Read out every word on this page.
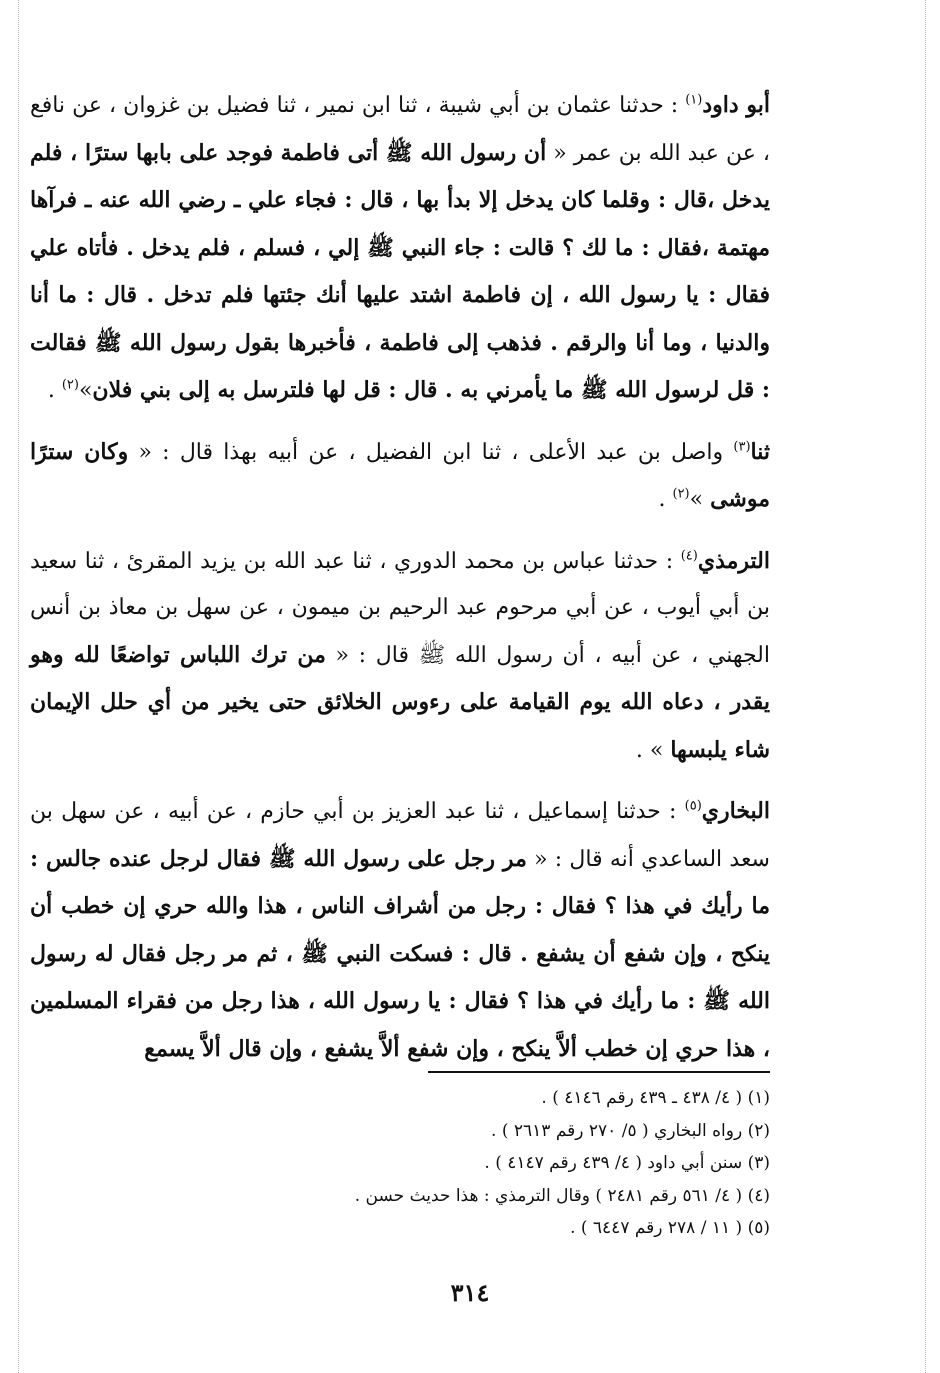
أبو داود$^{(١)}$ : حدثنا عثمان بن أبي شيبة ، ثنا ابن نمير ، ثنا فضيل بن غزوان ، عن نافع ، عن عبد الله بن عمر « أن رسول الله ﷺ أتى فاطمة فوجد على بابها سترًا ، فلم يدخل ،قال : وقلما كان يدخل إلا بدأ بها ، قال : فجاء علي ـ رضي الله عنه ـ فرآها مهتمة ،فقال : ما لك ؟ قالت : جاء النبي ﷺ إلي ، فسلم ، فلم يدخل . فأتاه علي فقال : يا رسول الله ، إن فاطمة اشتد عليها أنك جئتها فلم تدخل . قال : ما أنا والدنيا ، وما أنا والرقم . فذهب إلى فاطمة ، فأخبرها بقول رسول الله ﷺ فقالت : قل لرسول الله ﷺ ما يأمرني به . قال : قل لها فلترسل به إلى بني فلان»$^{(٢)}$ .

ثنا$^{(٣)}$ واصل بن عبد الأعلى ، ثنا ابن الفضيل ، عن أبيه بهذا قال : « وكان سترًا موشى »$^{(٢)}$ .

الترمذي$^{(٤)}$ : حدثنا عباس بن محمد الدوري ، ثنا عبد الله بن يزيد المقرئ ، ثنا سعيد بن أبي أيوب ، عن أبي مرحوم عبد الرحيم بن ميمون ، عن سهل بن معاذ بن أنس الجهني ، عن أبيه ، أن رسول الله ﷺ قال : « من ترك اللباس تواضعًا لله وهو يقدر ، دعاه الله يوم القيامة على رءوس الخلائق حتى يخير من أي حلل الإيمان شاء يلبسها » .

البخاري$^{(٥)}$ : حدثنا إسماعيل ، ثنا عبد العزيز بن أبي حازم ، عن أبيه ، عن سهل بن سعد الساعدي أنه قال : « مر رجل على رسول الله ﷺ فقال لرجل عنده جالس : ما رأيك في هذا ؟ فقال : رجل من أشراف الناس ، هذا والله حري إن خطب أن ينكح ، وإن شفع أن يشفع . قال : فسكت النبي ﷺ ، ثم مر رجل فقال له رسول الله ﷺ : ما رأيك في هذا ؟ فقال : يا رسول الله ، هذا رجل من فقراء المسلمين ، هذا حري إن خطب ألاَّ ينكح ، وإن شفع ألاَّ يشفع ، وإن قال ألاَّ يسمع

(١) ( ٤/ ٤٣٨ ـ ٤٣٩ رقم ٤١٤٦ ) .
(٢) رواه البخاري ( ٥/ ٢٧٠ رقم ٢٦١٣ ) .
(٣) سنن أبي داود ( ٤/ ٤٣٩ رقم ٤١٤٧ ) .
(٤) ( ٤/ ٥٦١ رقم ٢٤٨١ ) وقال الترمذي : هذا حديث حسن .
(٥) ( ١١ / ٢٧٨ رقم ٦٤٤٧ ) .
٣١٤
